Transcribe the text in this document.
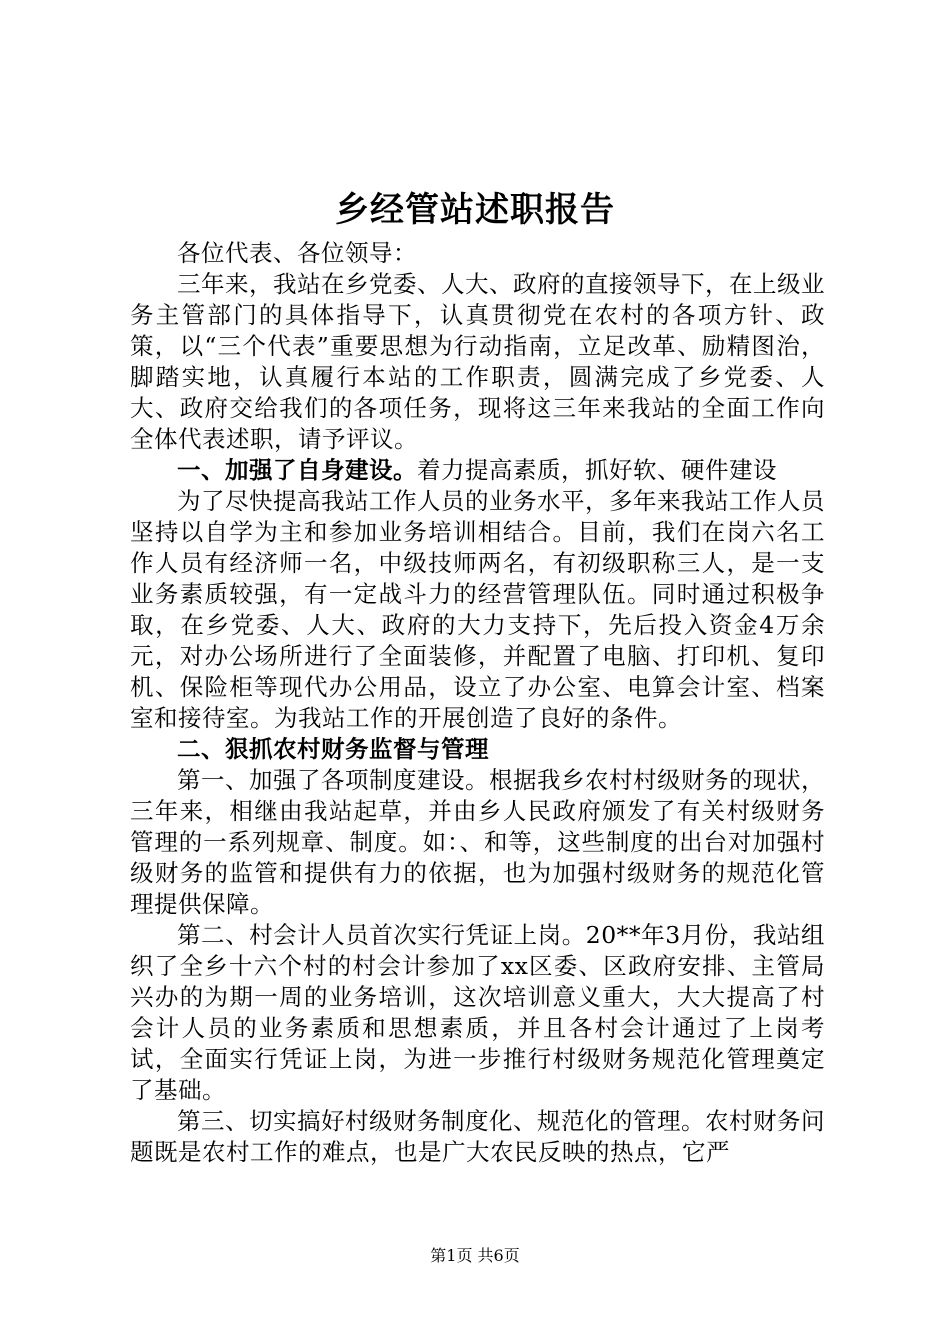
乡经管站述职报告

各位代表、各位领导：

三年来，我站在乡党委、人大、政府的直接领导下，在上级业务主管部门的具体指导下，认真贯彻党在农村的各项方针、政策，以“三个代表”重要思想为行动指南，立足改革、励精图治，脚踏实地，认真履行本站的工作职责，圆满完成了乡党委、人大、政府交给我们的各项任务，现将这三年来我站的全面工作向全体代表述职，请予评议。

一、加强了自身建设。着力提高素质，抓好软、硬件建设

为了尽快提高我站工作人员的业务水平，多年来我站工作人员坚持以自学为主和参加业务培训相结合。目前，我们在岗六名工作人员有经济师一名，中级技师两名，有初级职称三人，是一支业务素质较强，有一定战斗力的经营管理队伍。同时通过积极争取，在乡党委、人大、政府的大力支持下，先后投入资金4万余元，对办公场所进行了全面装修，并配置了电脑、打印机、复印机、保险柜等现代办公用品，设立了办公室、电算会计室、档案室和接待室。为我站工作的开展创造了良好的条件。

二、狠抓农村财务监督与管理

第一、加强了各项制度建设。根据我乡农村村级财务的现状，三年来，相继由我站起草，并由乡人民政府颁发了有关村级财务管理的一系列规章、制度。如：、和等，这些制度的出台对加强村级财务的监管和提供有力的依据，也为加强村级财务的规范化管理提供保障。

第二、村会计人员首次实行凭证上岗。20**年3月份，我站组织了全乡十六个村的村会计参加了xx区委、区政府安排、主管局兴办的为期一周的业务培训，这次培训意义重大，大大提高了村会计人员的业务素质和思想素质，并且各村会计通过了上岗考试，全面实行凭证上岗，为进一步推行村级财务规范化管理奠定了基础。

第三、切实搞好村级财务制度化、规范化的管理。农村财务问题既是农村工作的难点，也是广大农民反映的热点，它严

第1页 共6页
